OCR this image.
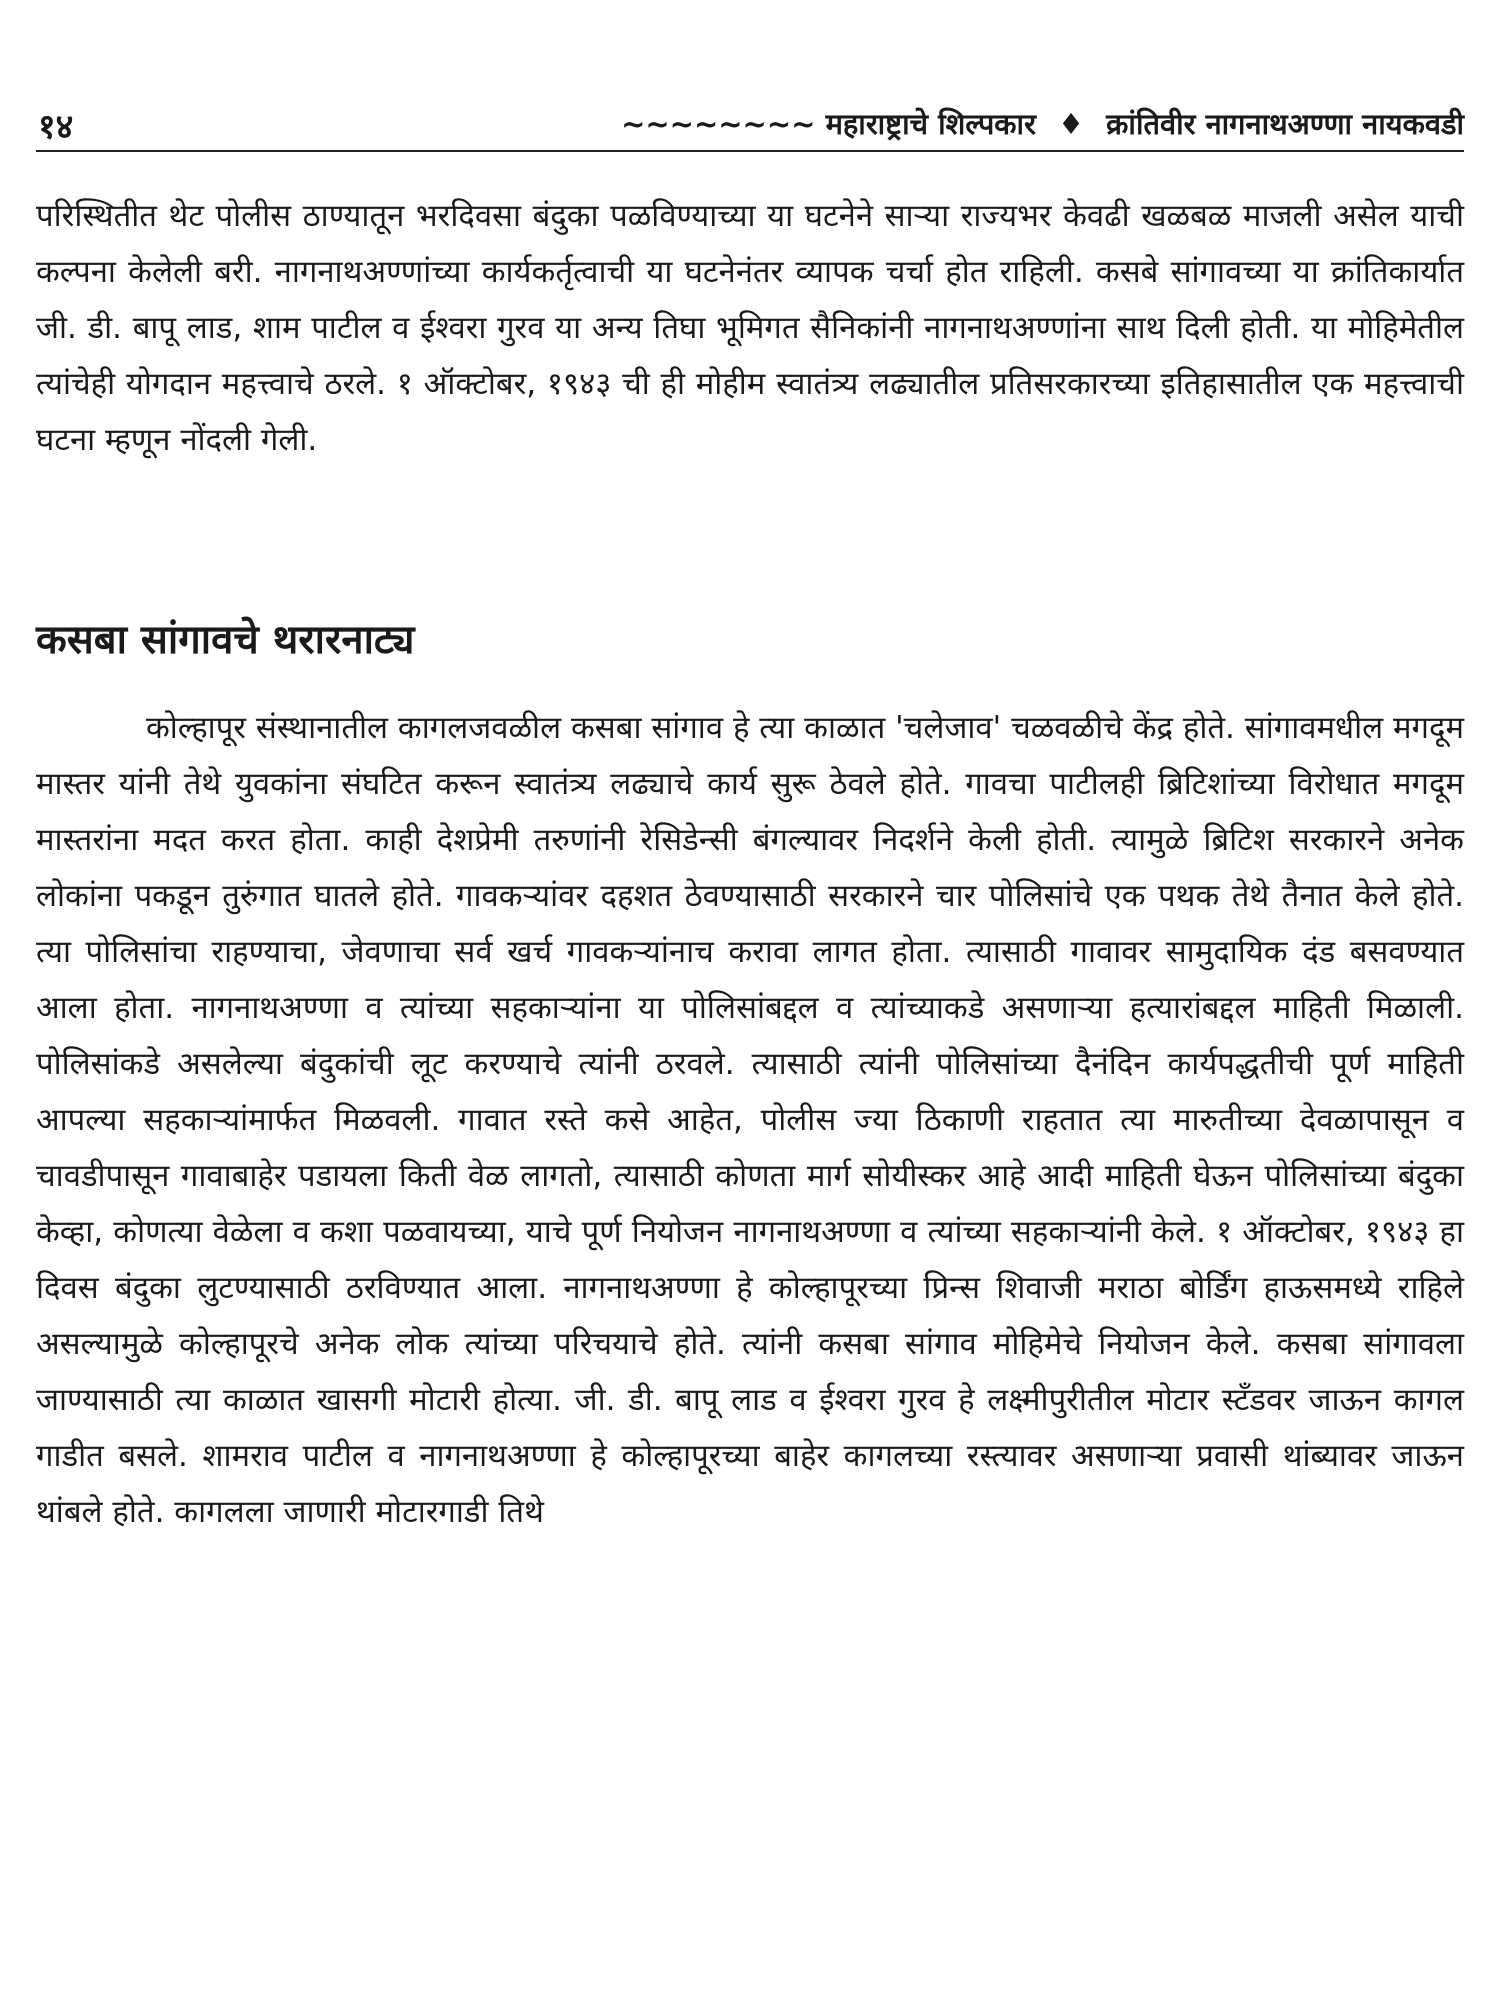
१४	~~~~~~~~ महाराष्ट्राचे शिल्पकार ♦ क्रांतिवीर नागनाथअण्णा नायकवडी

परिस्थितीत थेट पोलीस ठाण्यातून भरदिवसा बंदुका पळविण्याच्या या घटनेने साऱ्या राज्यभर केवढी खळबळ माजली असेल याची कल्पना केलेली बरी. नागनाथअण्णांच्या कार्यकर्तृत्वाची या घटनेनंतर व्यापक चर्चा होत राहिली. कसबे सांगावच्या या क्रांतिकार्यात जी. डी. बापू लाड, शाम पाटील व ईश्वरा गुरव या अन्य तिघा भूमिगत सैनिकांनी नागनाथअण्णांना साथ दिली होती. या मोहिमेतील त्यांचेही योगदान महत्त्वाचे ठरले. १ ऑक्टोबर, १९४३ ची ही मोहीम स्वातंत्र्य लढ्यातील प्रतिसरकारच्या इतिहासातील एक महत्त्वाची घटना म्हणून नोंदली गेली.

कसबा सांगावचे थरारनाट्य

कोल्हापूर संस्थानातील कागलजवळील कसबा सांगाव हे त्या काळात 'चलेजाव' चळवळीचे केंद्र होते. सांगावमधील मगदूम मास्तर यांनी तेथे युवकांना संघटित करून स्वातंत्र्य लढ्याचे कार्य सुरू ठेवले होते. गावचा पाटीलही ब्रिटिशांच्या विरोधात मगदूम मास्तरांना मदत करत होता. काही देशप्रेमी तरुणांनी रेसिडेन्सी बंगल्यावर निदर्शने केली होती. त्यामुळे ब्रिटिश सरकारने अनेक लोकांना पकडून तुरुंगात घातले होते. गावकऱ्यांवर दहशत ठेवण्यासाठी सरकारने चार पोलिसांचे एक पथक तेथे तैनात केले होते. त्या पोलिसांचा राहण्याचा, जेवणाचा सर्व खर्च गावकऱ्यांनाच करावा लागत होता. त्यासाठी गावावर सामुदायिक दंड बसवण्यात आला होता. नागनाथअण्णा व त्यांच्या सहकाऱ्यांना या पोलिसांबद्दल व त्यांच्याकडे असणाऱ्या हत्यारांबद्दल माहिती मिळाली. पोलिसांकडे असलेल्या बंदुकांची लूट करण्याचे त्यांनी ठरवले. त्यासाठी त्यांनी पोलिसांच्या दैनंदिन कार्यपद्धतीची पूर्ण माहिती आपल्या सहकाऱ्यांमार्फत मिळवली. गावात रस्ते कसे आहेत, पोलीस ज्या ठिकाणी राहतात त्या मारुतीच्या देवळापासून व चावडीपासून गावाबाहेर पडायला किती वेळ लागतो, त्यासाठी कोणता मार्ग सोयीस्कर आहे आदी माहिती घेऊन पोलिसांच्या बंदुका केव्हा, कोणत्या वेळेला व कशा पळवायच्या, याचे पूर्ण नियोजन नागनाथअण्णा व त्यांच्या सहकाऱ्यांनी केले. १ ऑक्टोबर, १९४३ हा दिवस बंदुका लुटण्यासाठी ठरविण्यात आला. नागनाथअण्णा हे कोल्हापूरच्या प्रिन्स शिवाजी मराठा बोर्डिंग हाऊसमध्ये राहिले असल्यामुळे कोल्हापूरचे अनेक लोक त्यांच्या परिचयाचे होते. त्यांनी कसबा सांगाव मोहिमेचे नियोजन केले. कसबा सांगावला जाण्यासाठी त्या काळात खासगी मोटारी होत्या. जी. डी. बापू लाड व ईश्वरा गुरव हे लक्ष्मीपुरीतील मोटार स्टँडवर जाऊन कागल गाडीत बसले. शामराव पाटील व नागनाथअण्णा हे कोल्हापूरच्या बाहेर कागलच्या रस्त्यावर असणाऱ्या प्रवासी थांब्यावर जाऊन थांबले होते. कागलला जाणारी मोटारगाडी तिथे
